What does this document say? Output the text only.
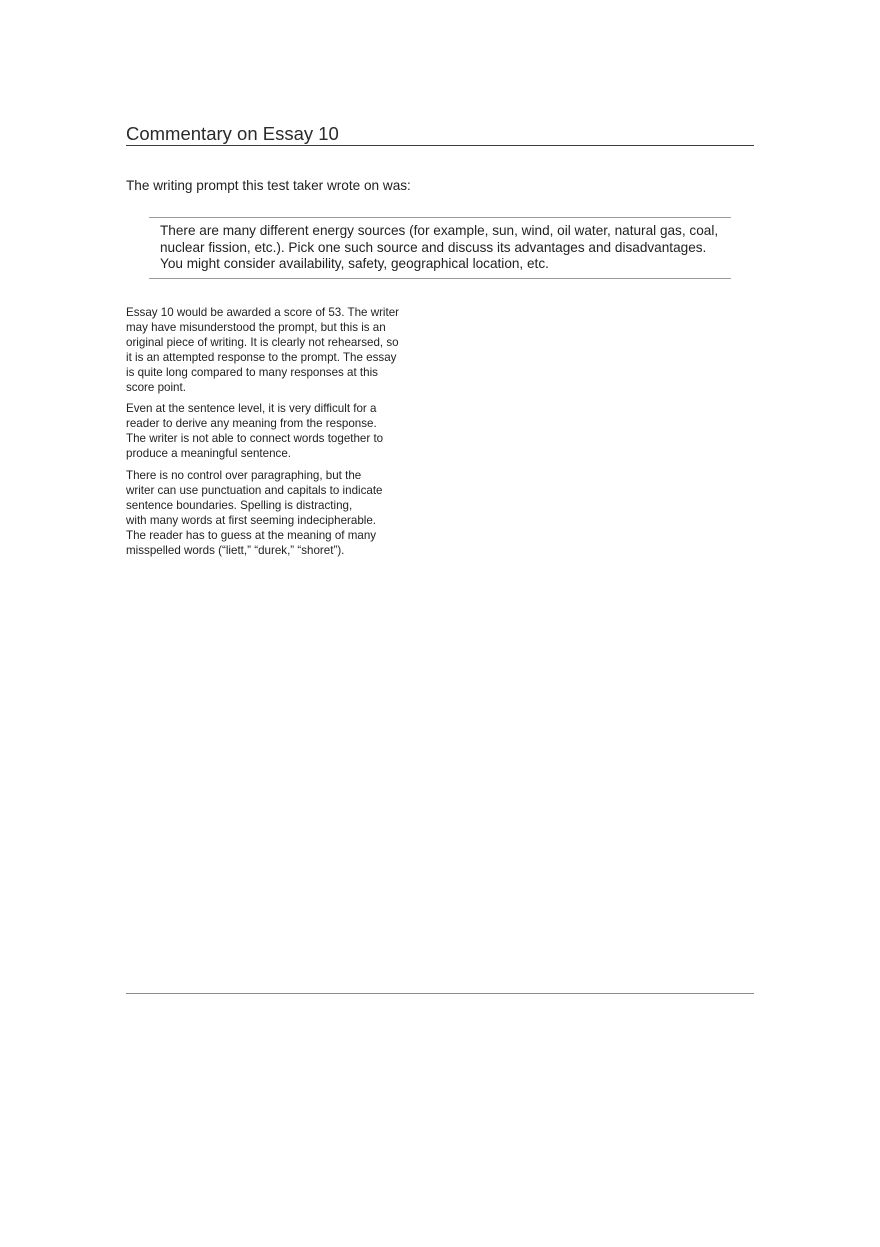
Commentary on Essay 10

The writing prompt this test taker wrote on was:

There are many different energy sources (for example, sun, wind, oil water, natural gas, coal,

nuclear fission, etc.). Pick one such source and discuss its advantages and disadvantages.

You might consider availability, safety, geographical location, etc.

Essay 10 would be awarded a score of 53. The writer
may have misunderstood the prompt, but this is an
original piece of writing. It is clearly not rehearsed, so
it is an attempted response to the prompt. The essay
is quite long compared to many responses at this
score point.

Even at the sentence level, it is very difficult for a
reader to derive any meaning from the response.
The writer is not able to connect words together to
produce a meaningful sentence.

There is no control over paragraphing, but the
writer can use punctuation and capitals to indicate
sentence boundaries. Spelling is distracting,
with many words at first seeming indecipherable.
The reader has to guess at the meaning of many
misspelled words (“liett,” “durek,” “shoret”).
